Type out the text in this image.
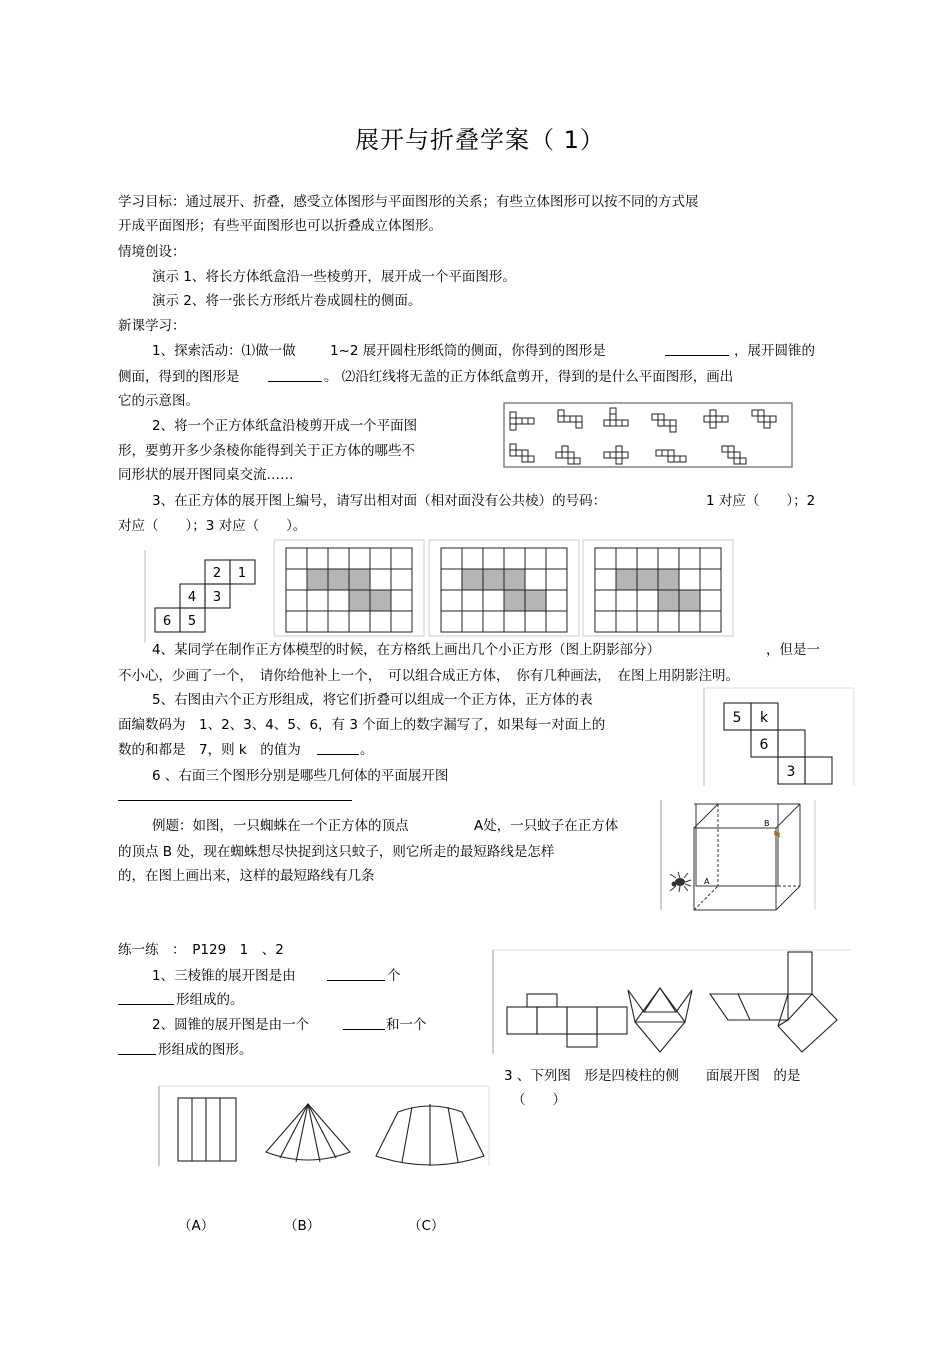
展开与折叠学案（ 1）
学习目标：通过展开、折叠，感受立体图形与平面图形的关系；有些立体图形可以按不同的方式展
开成平面图形；有些平面图形也可以折叠成立体图形。
情境创设：
演示 1、将长方体纸盒沿一些棱剪开，展开成一个平面图形。
演示 2、将一张长方形纸片卷成圆柱的侧面。
新课学习：
1、探索活动：⑴做一做	1~2 展开圆柱形纸筒的侧面，你得到的图形是	，展开圆锥的
侧面，得到的图形是	。 ⑵沿红线将无盖的正方体纸盒剪开，得到的是什么平面图形，画出
它的示意图。
2、将一个正方体纸盒沿棱剪开成一个平面图
形，要剪开多少条棱你能得到关于正方体的哪些不
同形状的展开图同桌交流……
3、在正方体的展开图上编号，请写出相对面（相对面没有公共棱）的号码：	1 对应（　　）；2
对应（　　）；3 对应（　　）。
2 1
4 3
6 5
4、某同学在制作正方体模型的时候，在方格纸上画出几个小正方形（图上阴影部分）	，但是一
不小心，少画了一个，　请你给他补上一个，　可以组合成正方体，　你有几种画法，　在图上用阴影注明。
5、右图由六个正方形组成，将它们折叠可以组成一个正方体，正方体的表
面编数码为　1、2、3、4、5、6，有 3 个面上的数字漏写了，如果每一对面上的
数的和都是　7，则 k　的值为	。
5 k
6
3
6 、右面三个图形分别是哪些几何体的平面展开图
例题：如图，一只蜘蛛在一个正方体的顶点	A处，一只蚊子在正方体
的顶点 B 处，现在蜘蛛想尽快捉到这只蚊子，则它所走的最短路线是怎样
的，在图上画出来，这样的最短路线有几条	A
B
练一练　：　P129　1　、2
1、三棱锥的展开图是由	个
形组成的。
2、圆锥的展开图是由一个	和一个
形组成的图形。
3 、下列图　形是四棱柱的侧　　面展开图　的是
（　　）
（A）	（B）	（C）
